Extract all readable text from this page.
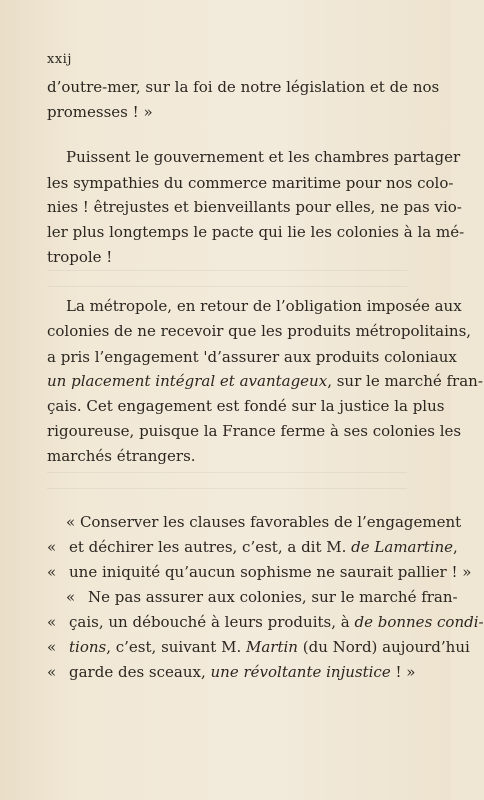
xxij
d’outre-mer, sur la foi de notre législation et de nos
promesses ! »
Puissent le gouvernement et les chambres partager
les sympathies du commerce maritime pour nos colo-
nies ! êtrejustes et bienveillants pour elles, ne pas vio-
ler plus longtemps le pacte qui lie les colonies à la mé-
tropole !
La métropole, en retour de l’obligation imposée aux
colonies de ne recevoir que les produits métropolitains,
a pris l’engagement 'd’assurer aux produits coloniaux
un placement intégral et avantageux, sur le marché fran-
çais. Cet engagement est fondé sur la justice la plus
rigoureuse, puisque la France ferme à ses colonies les
marchés étrangers.
« Conserver les clauses favorables de l’engagement
« et déchirer les autres, c’est, a dit M. de Lamartine,
« une iniquité qu’aucun sophisme ne saurait pallier ! »
« Ne pas assurer aux colonies, sur le marché fran-
« çais, un débouché à leurs produits, à de bonnes condi-
« tions, c’est, suivant M. Martin (du Nord) aujourd’hui
« garde des sceaux, une révoltante injustice ! »
